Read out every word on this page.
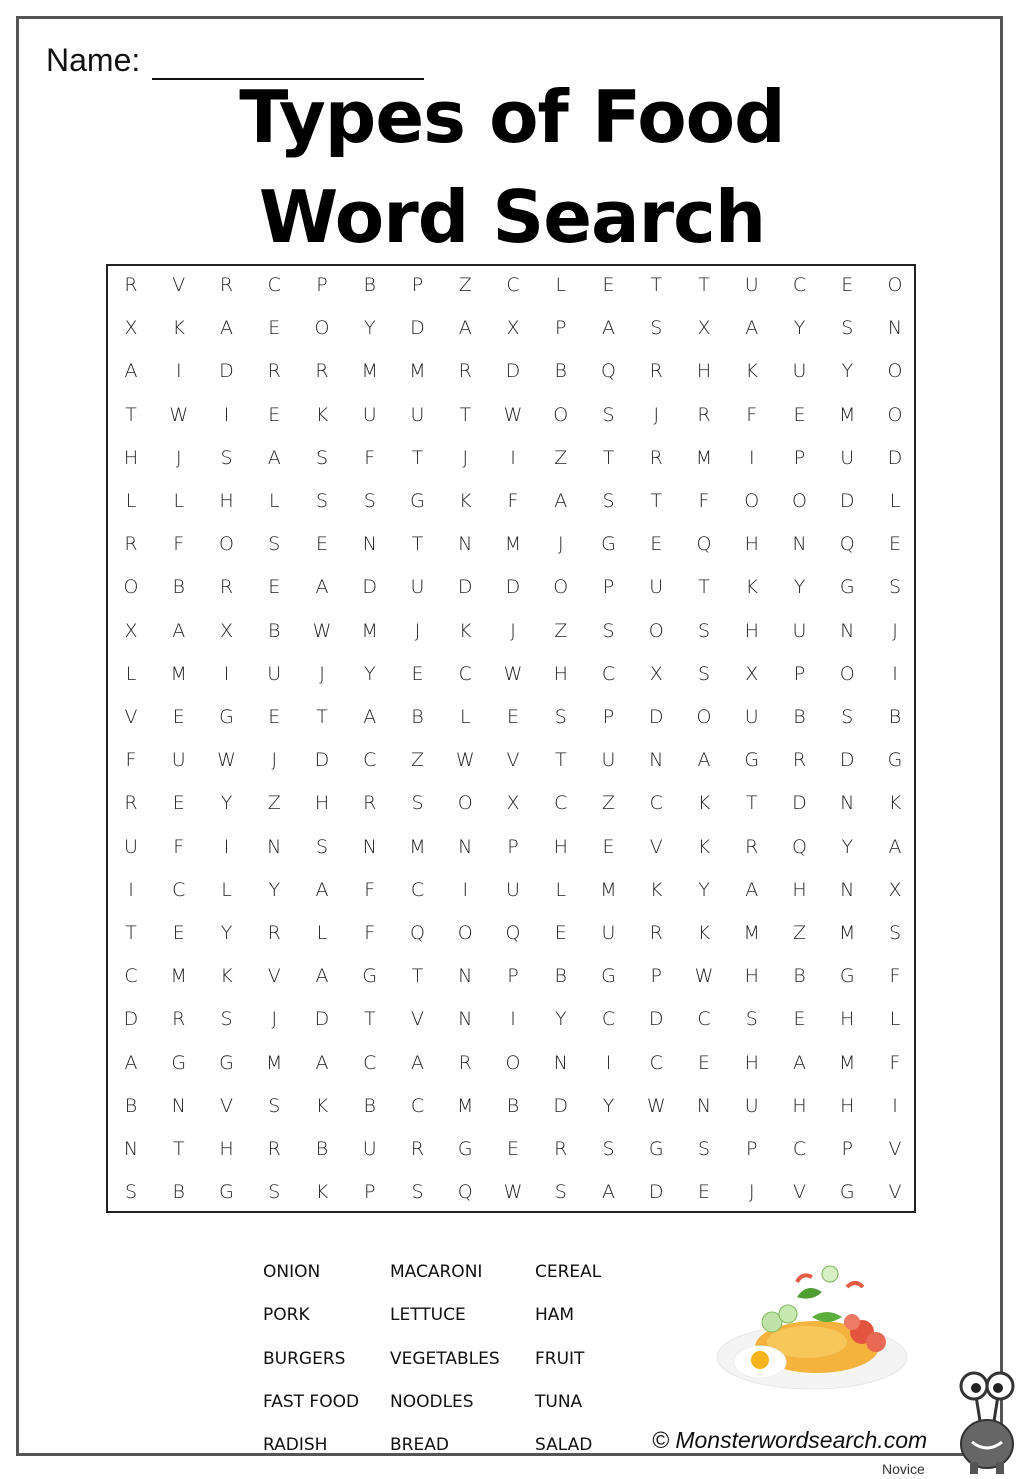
Name:
Types of Food
Word Search
R	V	R	C	P	B	P	Z	C	L	E	T	T	U	C	E	O
X	K	A	E	O	Y	D	A	X	P	A	S	X	A	Y	S	N
A	I	D	R	R	M	M	R	D	B	Q	R	H	K	U	Y	O
T	W	I	E	K	U	U	T	W	O	S	J	R	F	E	M	O
H	J	S	A	S	F	T	J	I	Z	T	R	M	I	P	U	D
L	L	H	L	S	S	G	K	F	A	S	T	F	O	O	D	L
R	F	O	S	E	N	T	N	M	J	G	E	Q	H	N	Q	E
O	B	R	E	A	D	U	D	D	O	P	U	T	K	Y	G	S
X	A	X	B	W	M	J	K	J	Z	S	O	S	H	U	N	J
L	M	I	U	J	Y	E	C	W	H	C	X	S	X	P	O	I
V	E	G	E	T	A	B	L	E	S	P	D	O	U	B	S	B
F	U	W	J	D	C	Z	W	V	T	U	N	A	G	R	D	G
R	E	Y	Z	H	R	S	O	X	C	Z	C	K	T	D	N	K
U	F	I	N	S	N	M	N	P	H	E	V	K	R	Q	Y	A
I	C	L	Y	A	F	C	I	U	L	M	K	Y	A	H	N	X
T	E	Y	R	L	F	Q	O	Q	E	U	R	K	M	Z	M	S
C	M	K	V	A	G	T	N	P	B	G	P	W	H	B	G	F
D	R	S	J	D	T	V	N	I	Y	C	D	C	S	E	H	L
A	G	G	M	A	C	A	R	O	N	I	C	E	H	A	M	F
B	N	V	S	K	B	C	M	B	D	Y	W	N	U	H	H	I
N	T	H	R	B	U	R	G	E	R	S	G	S	P	C	P	V
S	B	G	S	K	P	S	Q	W	S	A	D	E	J	V	G	V
ONION
PORK
BURGERS
FAST FOOD
RADISH
MACARONI
LETTUCE
VEGETABLES
NOODLES
BREAD
CEREAL
HAM
FRUIT
TUNA
SALAD	© Monsterwordsearch.com
Novice
